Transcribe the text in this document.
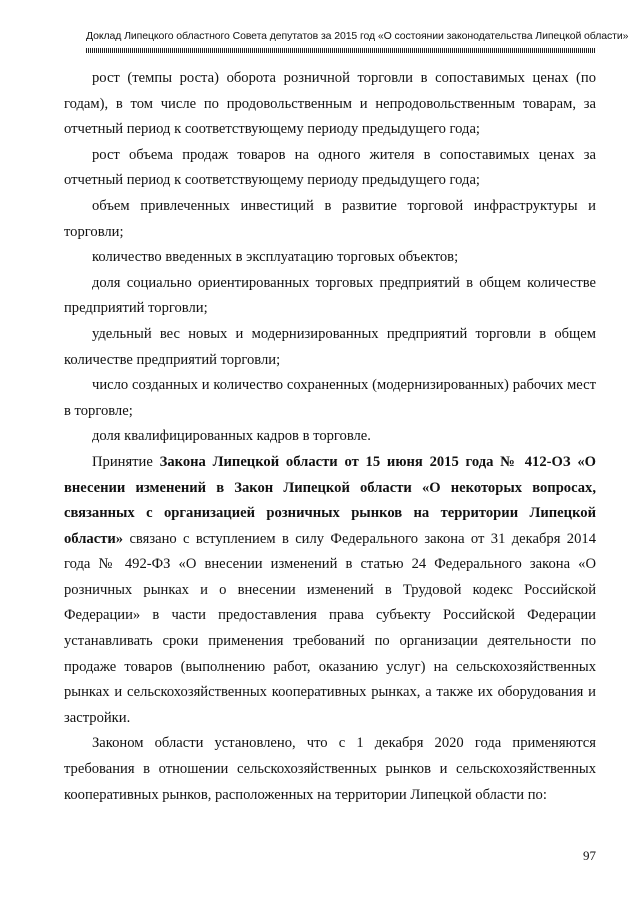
Доклад Липецкого областного Совета депутатов за 2015 год «О состоянии законодательства Липецкой области»

рост (темпы роста) оборота розничной торговли в сопоставимых ценах (по годам), в том числе по продовольственным и непродовольственным товарам, за отчетный период к соответствующему периоду предыдущего года;

рост объема продаж товаров на одного жителя в сопоставимых ценах за отчетный период к соответствующему периоду предыдущего года;

объем привлеченных инвестиций в развитие торговой инфраструктуры и торговли;

количество введенных в эксплуатацию торговых объектов;

доля социально ориентированных торговых предприятий в общем количестве предприятий торговли;

удельный вес новых и модернизированных предприятий торговли в общем количестве предприятий торговли;

число созданных и количество сохраненных (модернизированных) рабочих мест в торговле;

доля квалифицированных кадров в торговле.

Принятие Закона Липецкой области от 15 июня 2015 года № 412-ОЗ «О внесении изменений в Закон Липецкой области «О некоторых вопросах, связанных с организацией розничных рынков на территории Липецкой области» связано с вступлением в силу Федерального закона от 31 декабря 2014 года № 492-ФЗ «О внесении изменений в статью 24 Федерального закона «О розничных рынках и о внесении изменений в Трудовой кодекс Российской Федерации» в части предоставления права субъекту Российской Федерации устанавливать сроки применения требований по организации деятельности по продаже товаров (выполнению работ, оказанию услуг) на сельскохозяйственных рынках и сельскохозяйственных кооперативных рынках, а также их оборудования и застройки.

Законом области установлено, что с 1 декабря 2020 года применяются требования в отношении сельскохозяйственных рынков и сельскохозяйственных кооперативных рынков, расположенных на территории Липецкой области по:

97
